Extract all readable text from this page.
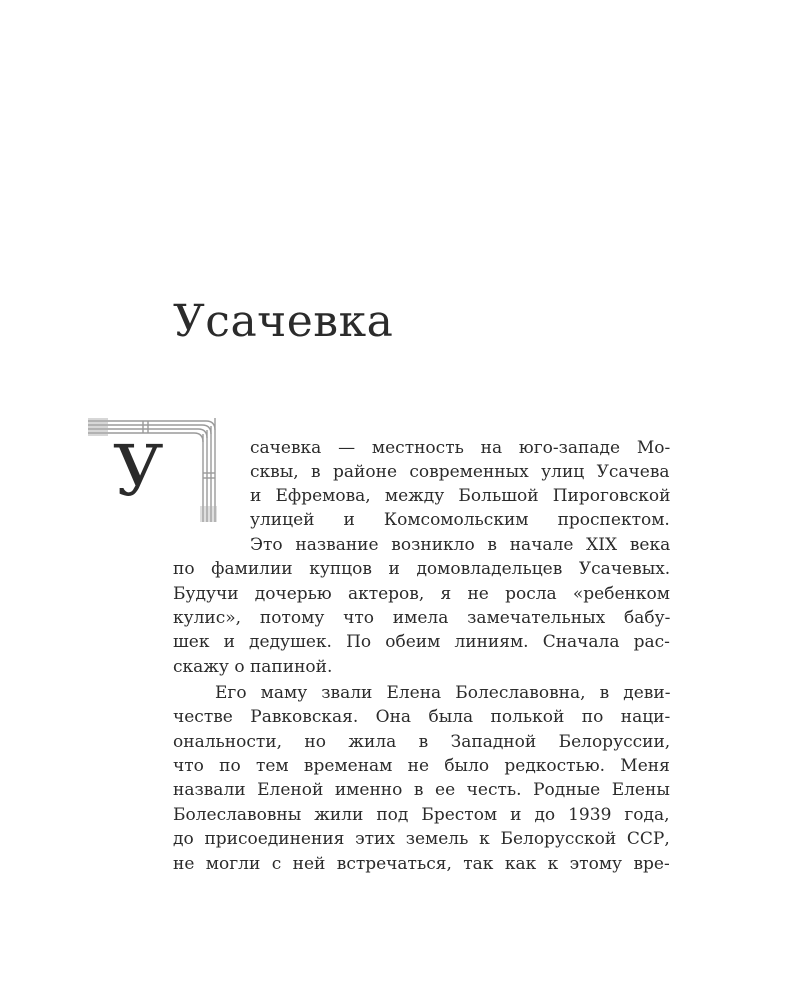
Усачевка
У	сачевка — местность на юго-западе Мо-

сквы, в районе современных улиц Усачева

и Ефремова, между Большой Пироговской

улицей и Комсомольским проспектом.

Это название возникло в начале XIX века

по фамилии купцов и домовладельцев Усачевых.

Будучи дочерью актеров, я не росла «ребенком

кулис», потому что имела замечательных бабу-

шек и дедушек. По обеим линиям. Сначала рас-

скажу о папиной.

Его маму звали Елена Болеславовна, в деви-

честве Равковская. Она была полькой по наци-

ональности, но жила в Западной Белоруссии,

что по тем временам не было редкостью. Меня

назвали Еленой именно в ее честь. Родные Елены

Болеславовны жили под Брестом и до 1939 года,

до присоединения этих земель к Белорусской ССР,

не могли с ней встречаться, так как к этому вре-
